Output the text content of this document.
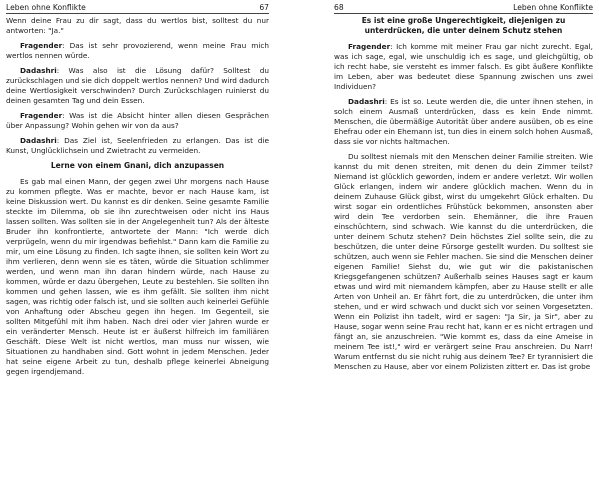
Leben ohne Konflikte	67

Wenn deine Frau zu dir sagt, dass du wertlos bist, solltest du nur antworten: "Ja."

Fragender: Das ist sehr provozierend, wenn meine Frau mich wertlos nennen würde.

Dadashri: Was also ist die Lösung dafür? Solltest du zurückschlagen und sie dich doppelt wertlos nennen? Und wird dadurch deine Wertlosigkeit verschwinden? Durch Zurückschlagen ruinierst du deinen gesamten Tag und dein Essen.

Fragender: Was ist die Absicht hinter allen diesen Gesprächen über Anpassung? Wohin gehen wir von da aus?

Dadashri: Das Ziel ist, Seelenfrieden zu erlangen. Das ist die Kunst, Unglücklichsein und Zwietracht zu vermeiden.

Lerne von einem Gnani, dich anzupassen

Es gab mal einen Mann, der gegen zwei Uhr morgens nach Hause zu kommen pflegte. Was er machte, bevor er nach Hause kam, ist keine Diskussion wert. Du kannst es dir denken. Seine gesamte Familie steckte im Dilemma, ob sie ihn zurechtweisen oder nicht ins Haus lassen sollten. Was sollten sie in der Angelegenheit tun? Als der älteste Bruder ihn konfrontierte, antwortete der Mann: "Ich werde dich verprügeln, wenn du mir irgendwas befiehlst." Dann kam die Familie zu mir, um eine Lösung zu finden. Ich sagte ihnen, sie sollten kein Wort zu ihm verlieren, denn wenn sie es täten, würde die Situation schlimmer werden, und wenn man ihn daran hindern würde, nach Hause zu kommen, würde er dazu übergehen, Leute zu bestehlen. Sie sollten ihn kommen und gehen lassen, wie es ihm gefällt. Sie sollten ihm nicht sagen, was richtig oder falsch ist, und sie sollten auch keinerlei Gefühle von Anhaftung oder Abscheu gegen ihn hegen. Im Gegenteil, sie sollten Mitgefühl mit ihm haben. Nach drei oder vier Jahren wurde er ein veränderter Mensch. Heute ist er äußerst hilfreich im familiären Geschäft. Diese Welt ist nicht wertlos, man muss nur wissen, wie Situationen zu handhaben sind. Gott wohnt in jedem Menschen. Jeder hat seine eigene Arbeit zu tun, deshalb pflege keinerlei Abneigung gegen irgendjemand.

68	Leben ohne Konflikte
Es ist eine große Ungerechtigkeit, diejenigen zu unterdrücken, die unter deinem Schutz stehen

Fragender: Ich komme mit meiner Frau gar nicht zurecht. Egal, was ich sage, egal, wie unschuldig ich es sage, und gleichgültig, ob ich recht habe, sie versteht es immer falsch. Es gibt äußere Konflikte im Leben, aber was bedeutet diese Spannung zwischen uns zwei Individuen?

Dadashri: Es ist so. Leute werden die, die unter ihnen stehen, in solch einem Ausmaß unterdrücken, dass es kein Ende nimmt. Menschen, die übermäßige Autorität über andere ausüben, ob es eine Ehefrau oder ein Ehemann ist, tun dies in einem solch hohen Ausmaß, dass sie vor nichts haltmachen.

Du solltest niemals mit den Menschen deiner Familie streiten. Wie kannst du mit denen streiten, mit denen du dein Zimmer teilst? Niemand ist glücklich geworden, indem er andere verletzt. Wir wollen Glück erlangen, indem wir andere glücklich machen. Wenn du in deinem Zuhause Glück gibst, wirst du umgekehrt Glück erhalten. Du wirst sogar ein ordentliches Frühstück bekommen, ansonsten aber wird dein Tee verdorben sein. Ehemänner, die ihre Frauen einschüchtern, sind schwach. Wie kannst du die unterdrücken, die unter deinem Schutz stehen? Dein höchstes Ziel sollte sein, die zu beschützen, die unter deine Fürsorge gestellt wurden. Du solltest sie schützen, auch wenn sie Fehler machen. Sie sind die Menschen deiner eigenen Familie! Siehst du, wie gut wir die pakistanischen Kriegsgefangenen schützen? Außerhalb seines Hauses sagt er kaum etwas und wird mit niemandem kämpfen, aber zu Hause stellt er alle Arten von Unheil an. Er fährt fort, die zu unterdrücken, die unter ihm stehen, und er wird schwach und duckt sich vor seinen Vorgesetzten. Wenn ein Polizist ihn tadelt, wird er sagen: "Ja Sir, ja Sir", aber zu Hause, sogar wenn seine Frau recht hat, kann er es nicht ertragen und fängt an, sie anzuschreien. "Wie kommt es, dass da eine Ameise in meinem Tee ist!," wird er verärgert seine Frau anschreien. Du Narr! Warum entfernst du sie nicht ruhig aus deinem Tee? Er tyrannisiert die Menschen zu Hause, aber vor einem Polizisten zittert er. Das ist grobe
